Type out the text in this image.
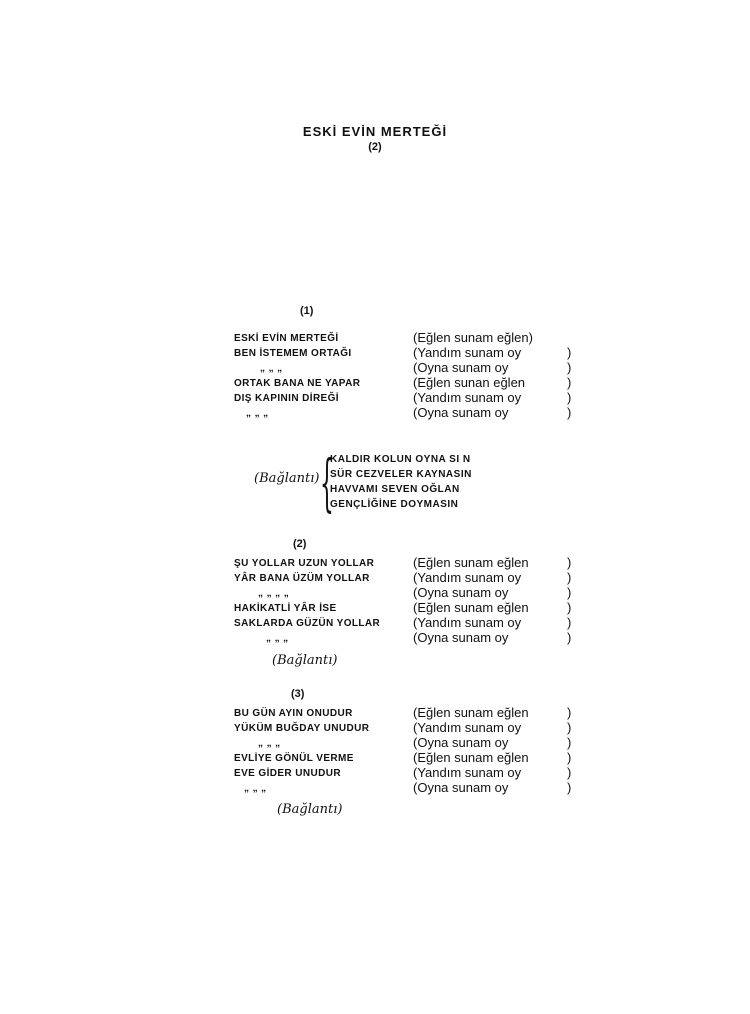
ESKİ EVİN MERTEĞİ
(2)
(1)
ESKİ EVİN MERTEĞİ	(Eğlen sunam eğlen)
BEN İSTEMEM ORTAĞI	(Yandım sunam oy	)
„ „ „	(Oyna sunam oy	)
ORTAK BANA NE YAPAR	(Eğlen sunan eğlen	)
DIŞ KAPININ DİREĞİ	(Yandım sunam oy	)
„ „ „	(Oyna sunam oy	)
(Bağlantı) {
KALDIR KOLUN OYNA SI N
SÜR CEZVELER KAYNASIN
HAVVAMI SEVEN OĞLAN
GENÇLİĞİNE DOYMASIN
(2)
ŞU YOLLAR UZUN YOLLAR	(Eğlen sunam eğlen	)
YÂR BANA ÜZÜM YOLLAR	(Yandım sunam oy	)
„ „ „ „	(Oyna sunam oy	)
HAKİKATLİ YÂR İSE	(Eğlen sunam eğlen	)
SAKLARDA GÜZÜN YOLLAR	(Yandım sunam oy	)
„ „ „	(Oyna sunam oy	)
(Bağlantı)
(3)
BU GÜN AYIN ONUDUR	(Eğlen sunam eğlen	)
YÜKÜM BUĞDAY UNUDUR	(Yandım sunam oy	)
„ „ „	(Oyna sunam oy	)
EVLİYE GÖNÜL VERME	(Eğlen sunam eğlen	)
EVE GİDER UNUDUR	(Yandım sunam oy	)
„ „ „	(Oyna sunam oy	)
(Bağlantı)
